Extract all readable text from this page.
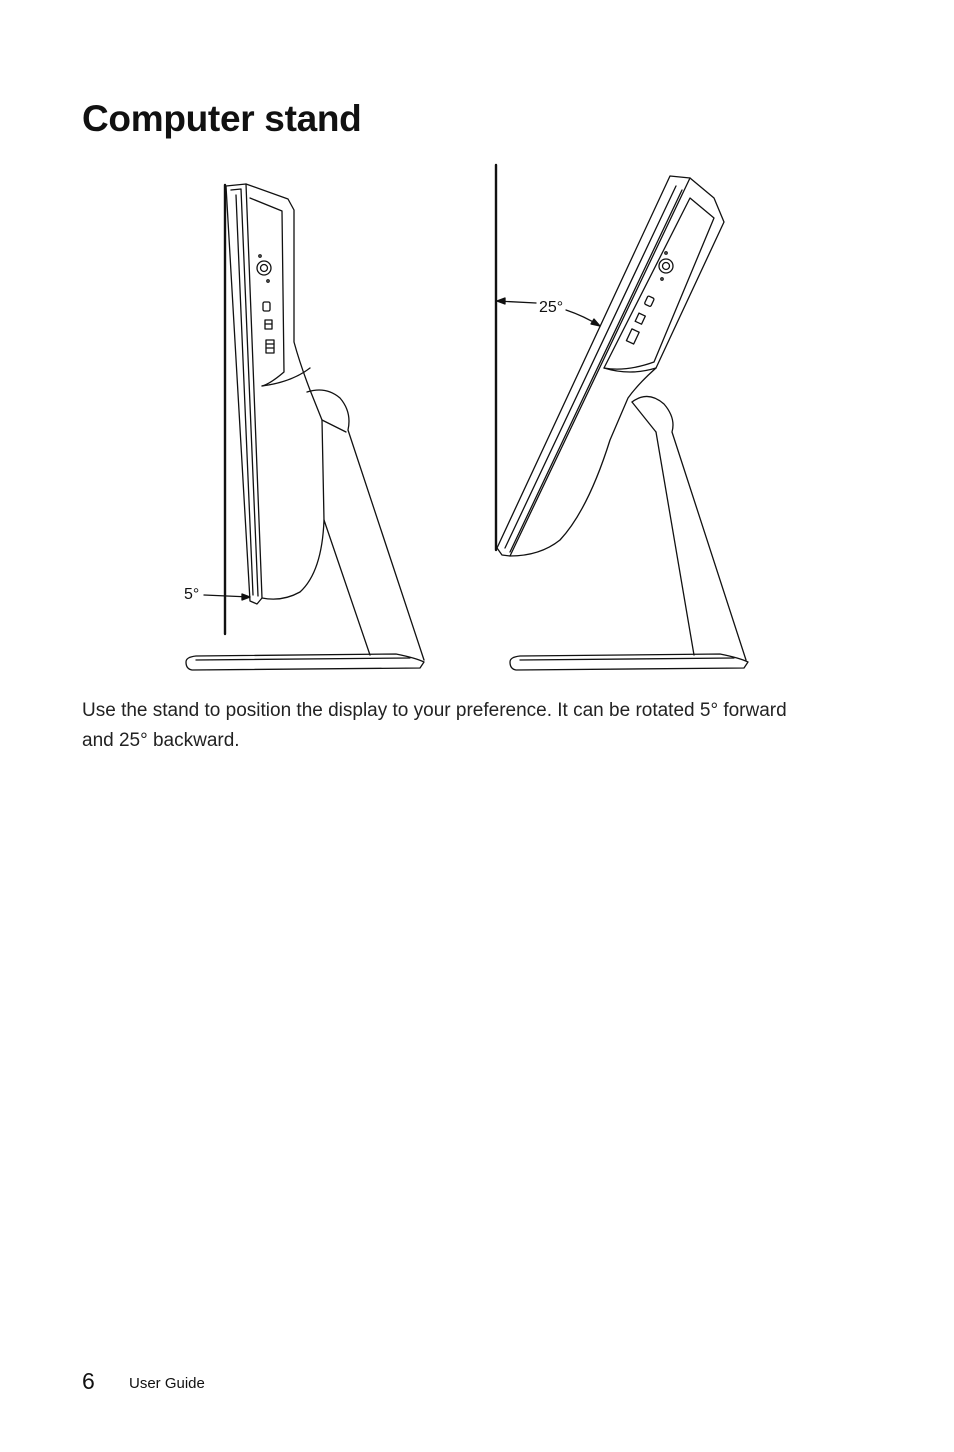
Computer stand
5°
25°

Use the stand to position the display to your preference. It can be rotated 5° forward and 25° backward.

6 User Guide
